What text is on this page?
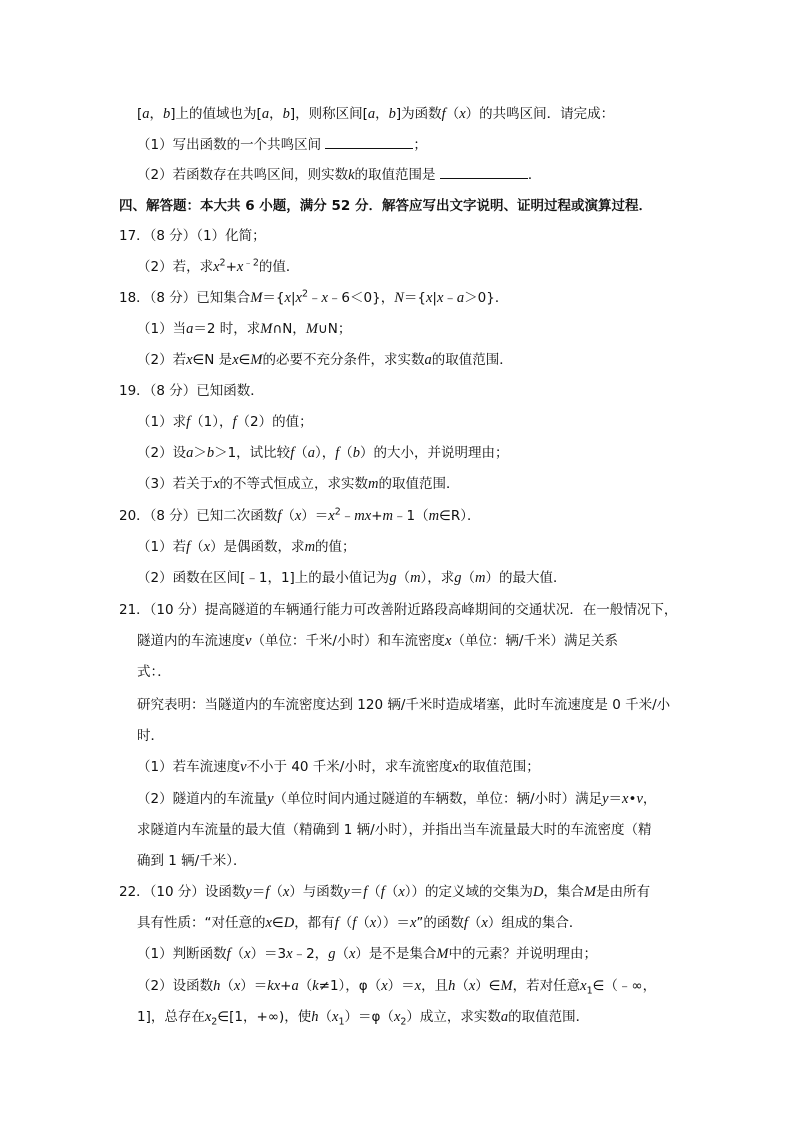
[a，b]上的值域也为[a，b]，则称区间[a，b]为函数f（x）的共鸣区间．请完成：
（1）写出函数的一个共鸣区间	；
（2）若函数存在共鸣区间，则实数k的取值范围是	．
四、解答题：本大共 6 小题，满分 52 分．解答应写出文字说明、证明过程或演算过程．
17．（8 分）（1）化简；
（2）若，求$x^2+x^{﹣2}$的值．
18．（8 分）已知集合$M=\{x|x^2﹣x﹣6<0\}$，N＝{x|x﹣a＞0}．
（1）当a＝2 时，求M∩N，M∪N；
（2）若x∈N 是x∈M的必要不充分条件，求实数a的取值范围．
19．（8 分）已知函数．
（1）求f（1），f（2）的值；
（2）设a＞b＞1，试比较f（a），f（b）的大小，并说明理由；
（3）若关于x的不等式恒成立，求实数m的取值范围．
20．（8 分）已知二次函数$f(x)=x^2﹣mx+m﹣1(m\in R)$．
（1）若f（x）是偶函数，求m的值；
（2）函数在区间[﹣1，1]上的最小值记为g（m），求g（m）的最大值．
21．（10 分）提高隧道的车辆通行能力可改善附近路段高峰期间的交通状况．在一般情况下，
隧道内的车流速度v（单位：千米/小时）和车流密度x（单位：辆/千米）满足关系
式：．
研究表明：当隧道内的车流密度达到 120 辆/千米时造成堵塞，此时车流速度是 0 千米/小
时．
（1）若车流速度v不小于 40 千米/小时，求车流密度x的取值范围；
（2）隧道内的车流量y（单位时间内通过隧道的车辆数，单位：辆/小时）满足y＝x•v，
求隧道内车流量的最大值（精确到 1 辆/小时），并指出当车流量最大时的车流密度（精
确到 1 辆/千米）．
22．（10 分）设函数y＝f（x）与函数y＝f（f（x））的定义域的交集为D，集合M是由所有
具有性质：“对任意的x∈D，都有f（f（x））＝x”的函数f（x）组成的集合．
（1）判断函数f（x）＝3x﹣2，g（x）是不是集合M中的元素？并说明理由；
（2）设函数h（x）＝kx+a（k≠1），φ（x）＝x，且h（x）∈M，若对任意$x_1\in(﹣\infty$，
1]，总存在$x_2\in[1$，+∞)，使$h(x_1)=\varphi(x_2)$成立，求实数a的取值范围．
